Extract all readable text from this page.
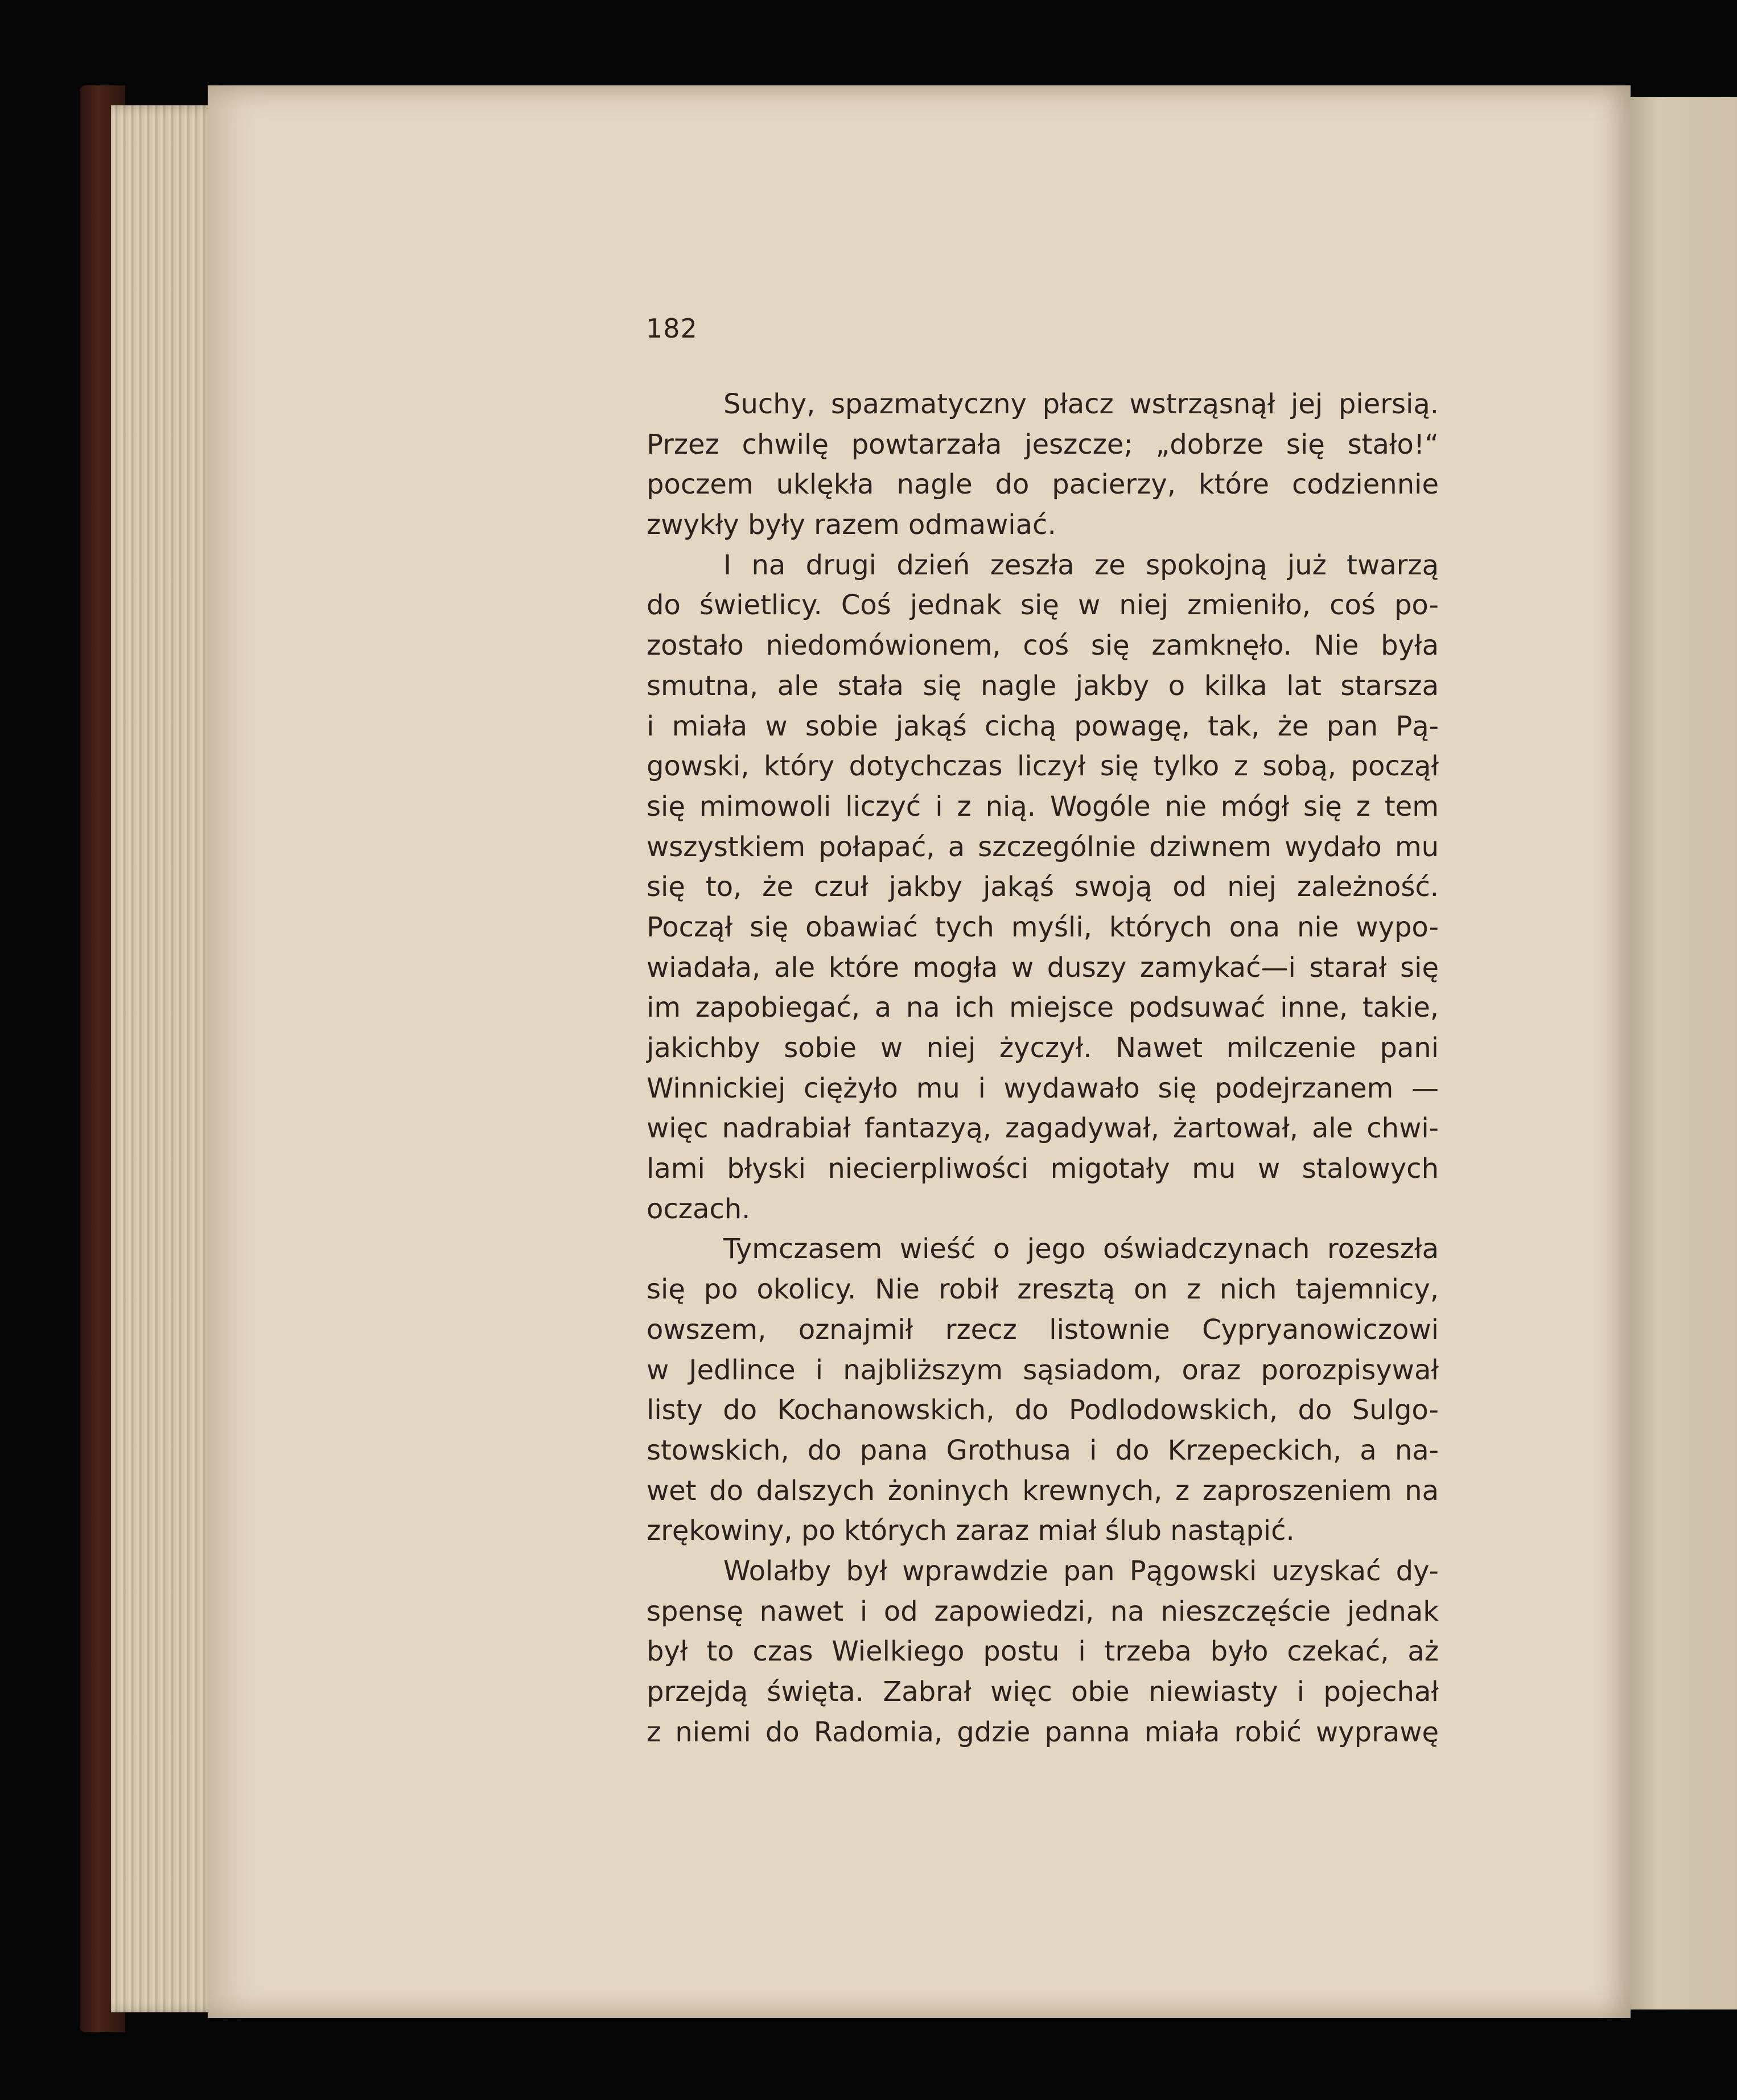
182

Suchy, spazmatyczny płacz wstrząsnął jej piersią.
Przez chwilę powtarzała jeszcze; „dobrze się stało!“
poczem uklękła nagle do pacierzy, które codziennie
zwykły były razem odmawiać.

I na drugi dzień zeszła ze spokojną już twarzą
do świetlicy. Coś jednak się w niej zmieniło, coś po-
zostało niedomówionem, coś się zamknęło. Nie była
smutna, ale stała się nagle jakby o kilka lat starsza
i miała w sobie jakąś cichą powagę, tak, że pan Pą-
gowski, który dotychczas liczył się tylko z sobą, począł
się mimowoli liczyć i z nią. Wogóle nie mógł się z tem
wszystkiem połapać, a szczególnie dziwnem wydało mu
się to, że czuł jakby jakąś swoją od niej zależność.
Począł się obawiać tych myśli, których ona nie wypo-
wiadała, ale które mogła w duszy zamykać—i starał się
im zapobiegać, a na ich miejsce podsuwać inne, takie,
jakichby sobie w niej życzył. Nawet milczenie pani
Winnickiej ciężyło mu i wydawało się podejrzanem —
więc nadrabiał fantazyą, zagadywał, żartował, ale chwi-
lami błyski niecierpliwości migotały mu w stalowych
oczach.

Tymczasem wieść o jego oświadczynach rozeszła
się po okolicy. Nie robił zresztą on z nich tajemnicy,
owszem, oznajmił rzecz listownie Cypryanowiczowi
w Jedlince i najbliższym sąsiadom, oraz porozpisywał
listy do Kochanowskich, do Podlodowskich, do Sulgo-
stowskich, do pana Grothusa i do Krzepeckich, a na-
wet do dalszych żoninych krewnych, z zaproszeniem na
zrękowiny, po których zaraz miał ślub nastąpić.

Wolałby był wprawdzie pan Pągowski uzyskać dy-
spensę nawet i od zapowiedzi, na nieszczęście jednak
był to czas Wielkiego postu i trzeba było czekać, aż
przejdą święta. Zabrał więc obie niewiasty i pojechał
z niemi do Radomia, gdzie panna miała robić wyprawę
